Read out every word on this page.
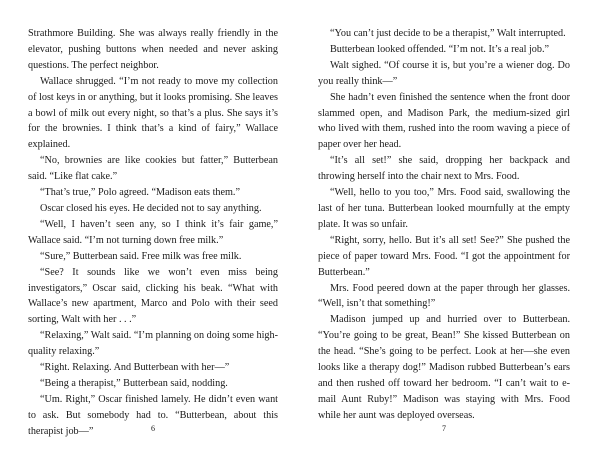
Strathmore Building. She was always really friendly in the elevator, pushing buttons when needed and never asking questions. The perfect neighbor.

Wallace shrugged. “I’m not ready to move my collection of lost keys in or anything, but it looks promising. She leaves a bowl of milk out every night, so that’s a plus. She says it’s for the brownies. I think that’s a kind of fairy,” Wallace explained.

“No, brownies are like cookies but fatter,” Butterbean said. “Like flat cake.”

“That’s true,” Polo agreed. “Madison eats them.”

Oscar closed his eyes. He decided not to say anything.

“Well, I haven’t seen any, so I think it’s fair game,” Wallace said. “I’m not turning down free milk.”

“Sure,” Butterbean said. Free milk was free milk.

“See? It sounds like we won’t even miss being investigators,” Oscar said, clicking his beak. “What with Wallace’s new apartment, Marco and Polo with their seed sorting, Walt with her . . .”

“Relaxing,” Walt said. “I’m planning on doing some high-quality relaxing.”

“Right. Relaxing. And Butterbean with her—”

“Being a therapist,” Butterbean said, nodding.

“Um. Right,” Oscar finished lamely. He didn’t even want to ask. But somebody had to. “Butterbean, about this therapist job—”	6

“You can’t just decide to be a therapist,” Walt interrupted.

Butterbean looked offended. “I’m not. It’s a real job.”

Walt sighed. “Of course it is, but you’re a wiener dog. Do you really think—”

She hadn’t even finished the sentence when the front door slammed open, and Madison Park, the medium-sized girl who lived with them, rushed into the room waving a piece of paper over her head.

“It’s all set!” she said, dropping her backpack and throwing herself into the chair next to Mrs. Food.

“Well, hello to you too,” Mrs. Food said, swallowing the last of her tuna. Butterbean looked mournfully at the empty plate. It was so unfair.

“Right, sorry, hello. But it’s all set! See?” She pushed the piece of paper toward Mrs. Food. “I got the appointment for Butterbean.”

Mrs. Food peered down at the paper through her glasses. “Well, isn’t that something!”

Madison jumped up and hurried over to Butterbean. “You’re going to be great, Bean!” She kissed Butterbean on the head. “She’s going to be perfect. Look at her—she even looks like a therapy dog!” Madison rubbed Butterbean’s ears and then rushed off toward her bedroom. “I can’t wait to e-mail Aunt Ruby!” Madison was staying with Mrs. Food while her aunt was deployed overseas.

7
